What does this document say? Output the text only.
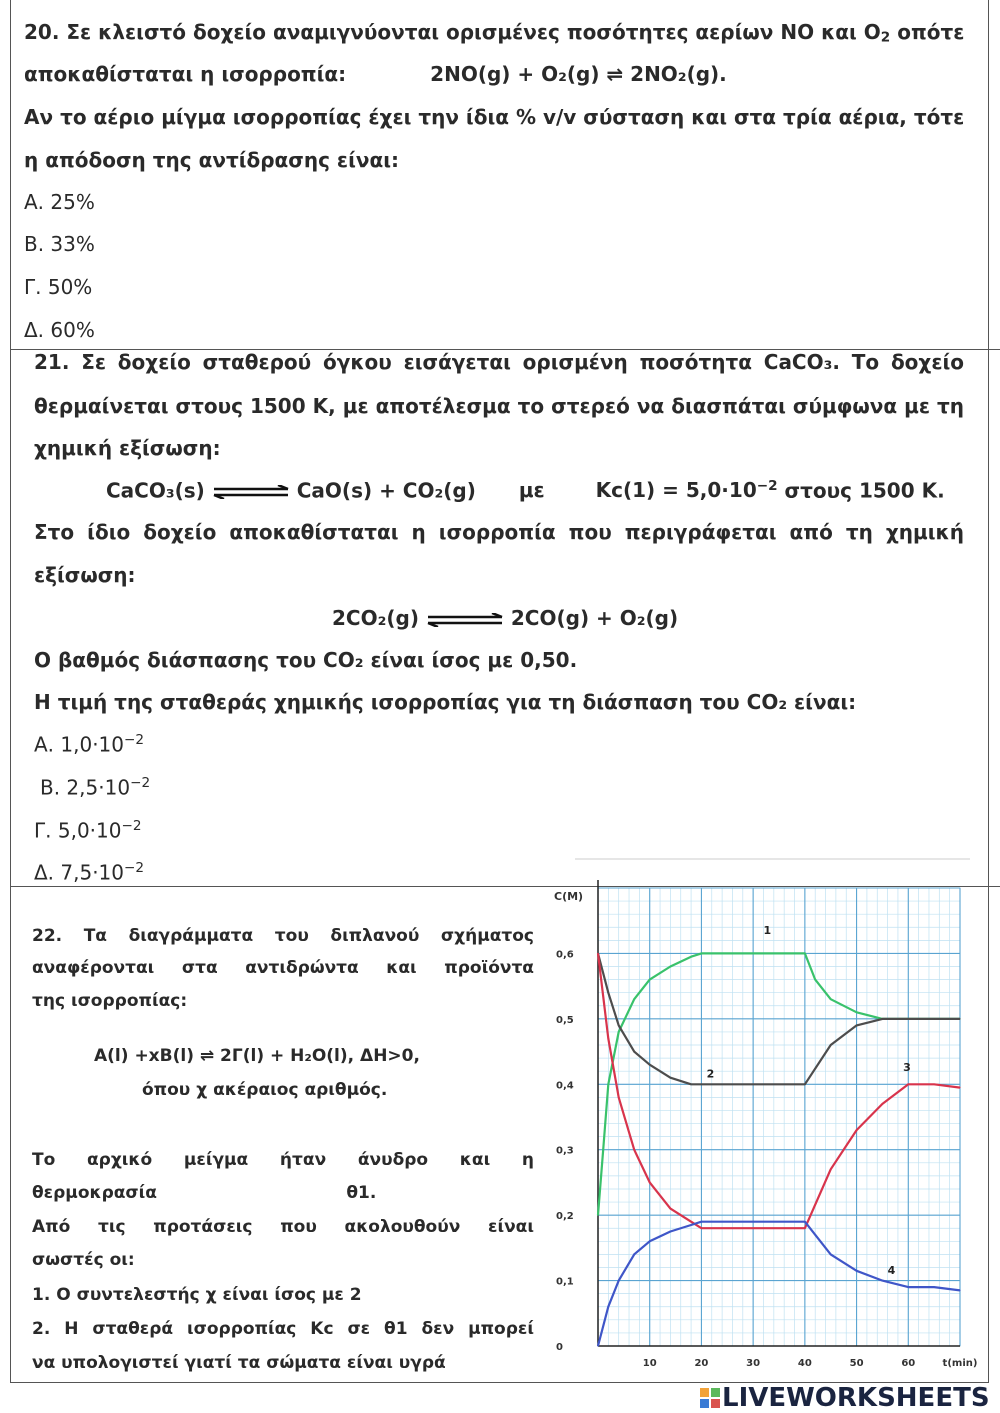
20. Σε κλειστό δοχείο αναμιγνύονται ορισμένες ποσότητες αερίων NO και $O_2$ οπότε
αποκαθίσταται η ισορροπία:	2NO(g) + O₂(g) ⇌ 2NO₂(g).
Αν το αέριο μίγμα ισορροπίας έχει την ίδια % v/v σύσταση και στα τρία αέρια, τότε
η απόδοση της αντίδρασης είναι:
Α. 25%
Β. 33%
Γ. 50%
Δ. 60%
21. Σε δοχείο σταθερού όγκου εισάγεται ορισμένη ποσότητα CaCO₃. Το δοχείο
θερμαίνεται στους 1500 Κ, με αποτέλεσμα το στερεό να διασπάται σύμφωνα με τη
χημική εξίσωση:
CaCO₃(s) ⇌ CaO(s) + CO₂(g) με	$Kc(1) = 5,0\cdot 10^{-2}$ στους 1500 Κ.
Στο ίδιο δοχείο αποκαθίσταται η ισορροπία που περιγράφεται από τη χημική
εξίσωση:
2CO₂(g) ⇌ 2CO(g) + O₂(g)
Ο βαθμός διάσπασης του CO₂ είναι ίσος με 0,50.
Η τιμή της σταθεράς χημικής ισορροπίας για τη διάσπαση του CO₂ είναι:
Α. $1,0\cdot 10^{-2}$
Β. $2,5\cdot 10^{-2}$
Γ. $5,0\cdot 10^{-2}$
Δ. $7,5\cdot 10^{-2}$
22. Τα διαγράμματα του διπλανού σχήματος
αναφέρονται στα αντιδρώντα και προϊόντα
της ισορροπίας:
Α(l) +xB(l) ⇌ 2Γ(l) + H₂O(l), ΔH>0,
όπου χ ακέραιος αριθμός.
Το αρχικό μείγμα ήταν άνυδρο και η
θερμοκρασία                                θ1.
Από τις προτάσεις που ακολουθούν είναι
σωστές οι:
1. Ο συντελεστής χ είναι ίσος με 2
2. Η σταθερά ισορροπίας Kc σε θ1 δεν μπορεί
να υπολογιστεί γιατί τα σώματα είναι υγρά
C(M)
0
0,1
0,2
0,3
0,4
0,5
0,6
10	20	30	40	50	60	t(min)
1
2
3
4
LIVEWORKSHEETS
